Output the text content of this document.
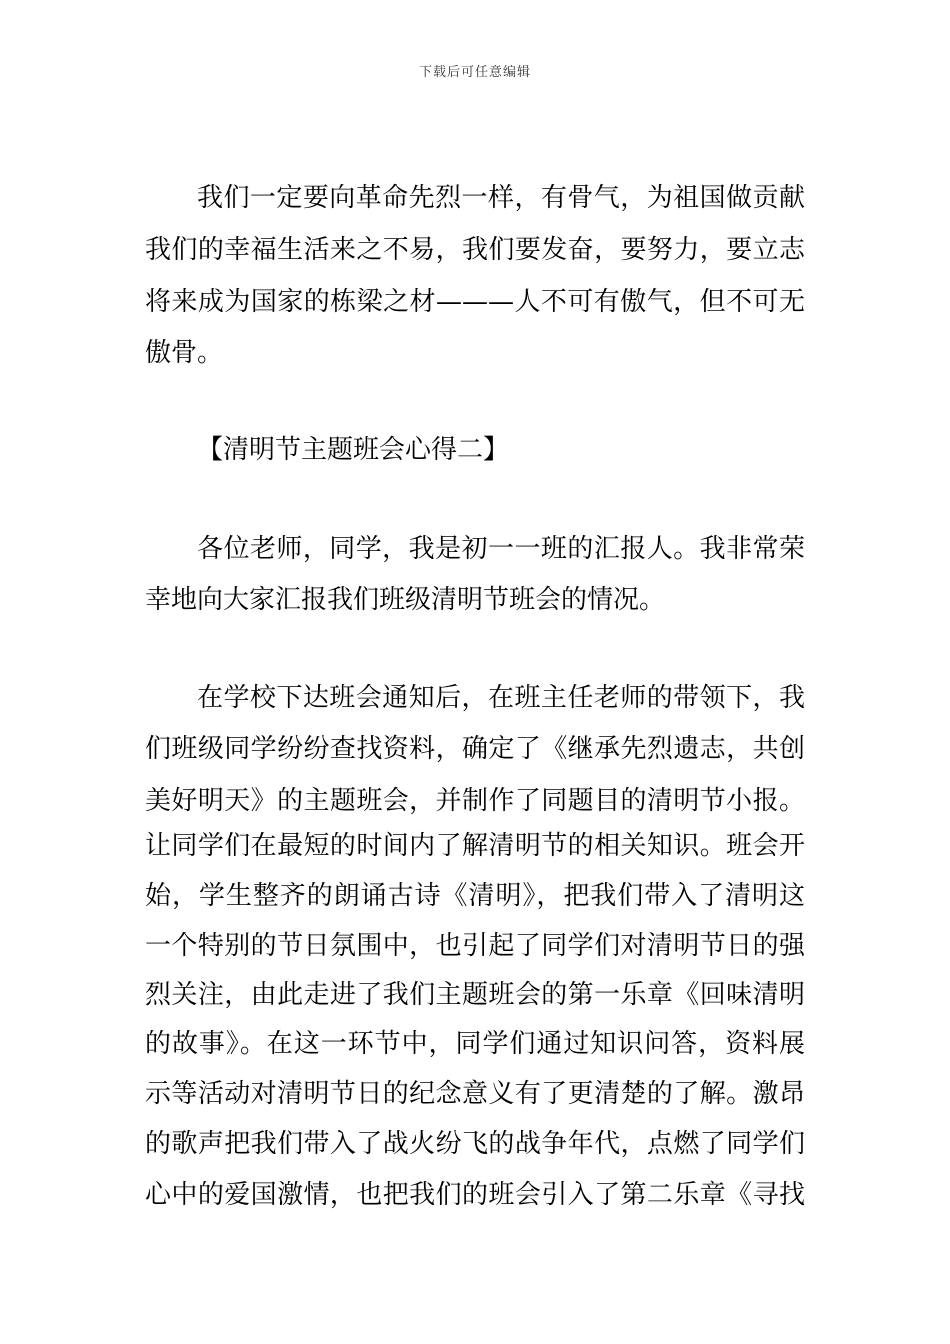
下载后可任意编辑
我们一定要向革命先烈一样，有骨气，为祖国做贡献
我们的幸福生活来之不易，我们要发奋，要努力，要立志
将来成为国家的栋梁之材———人不可有傲气，但不可无
傲骨。
【清明节主题班会心得二】
各位老师，同学，我是初一一班的汇报人。我非常荣
幸地向大家汇报我们班级清明节班会的情况。
在学校下达班会通知后，在班主任老师的带领下，我
们班级同学纷纷查找资料，确定了《继承先烈遗志，共创
美好明天》的主题班会，并制作了同题目的清明节小报。
让同学们在最短的时间内了解清明节的相关知识。班会开
始，学生整齐的朗诵古诗《清明》，把我们带入了清明这
一个特别的节日氛围中，也引起了同学们对清明节日的强
烈关注，由此走进了我们主题班会的第一乐章《回味清明
的故事》。在这一环节中，同学们通过知识问答，资料展
示等活动对清明节日的纪念意义有了更清楚的了解。激昂
的歌声把我们带入了战火纷飞的战争年代，点燃了同学们
心中的爱国激情，也把我们的班会引入了第二乐章《寻找
